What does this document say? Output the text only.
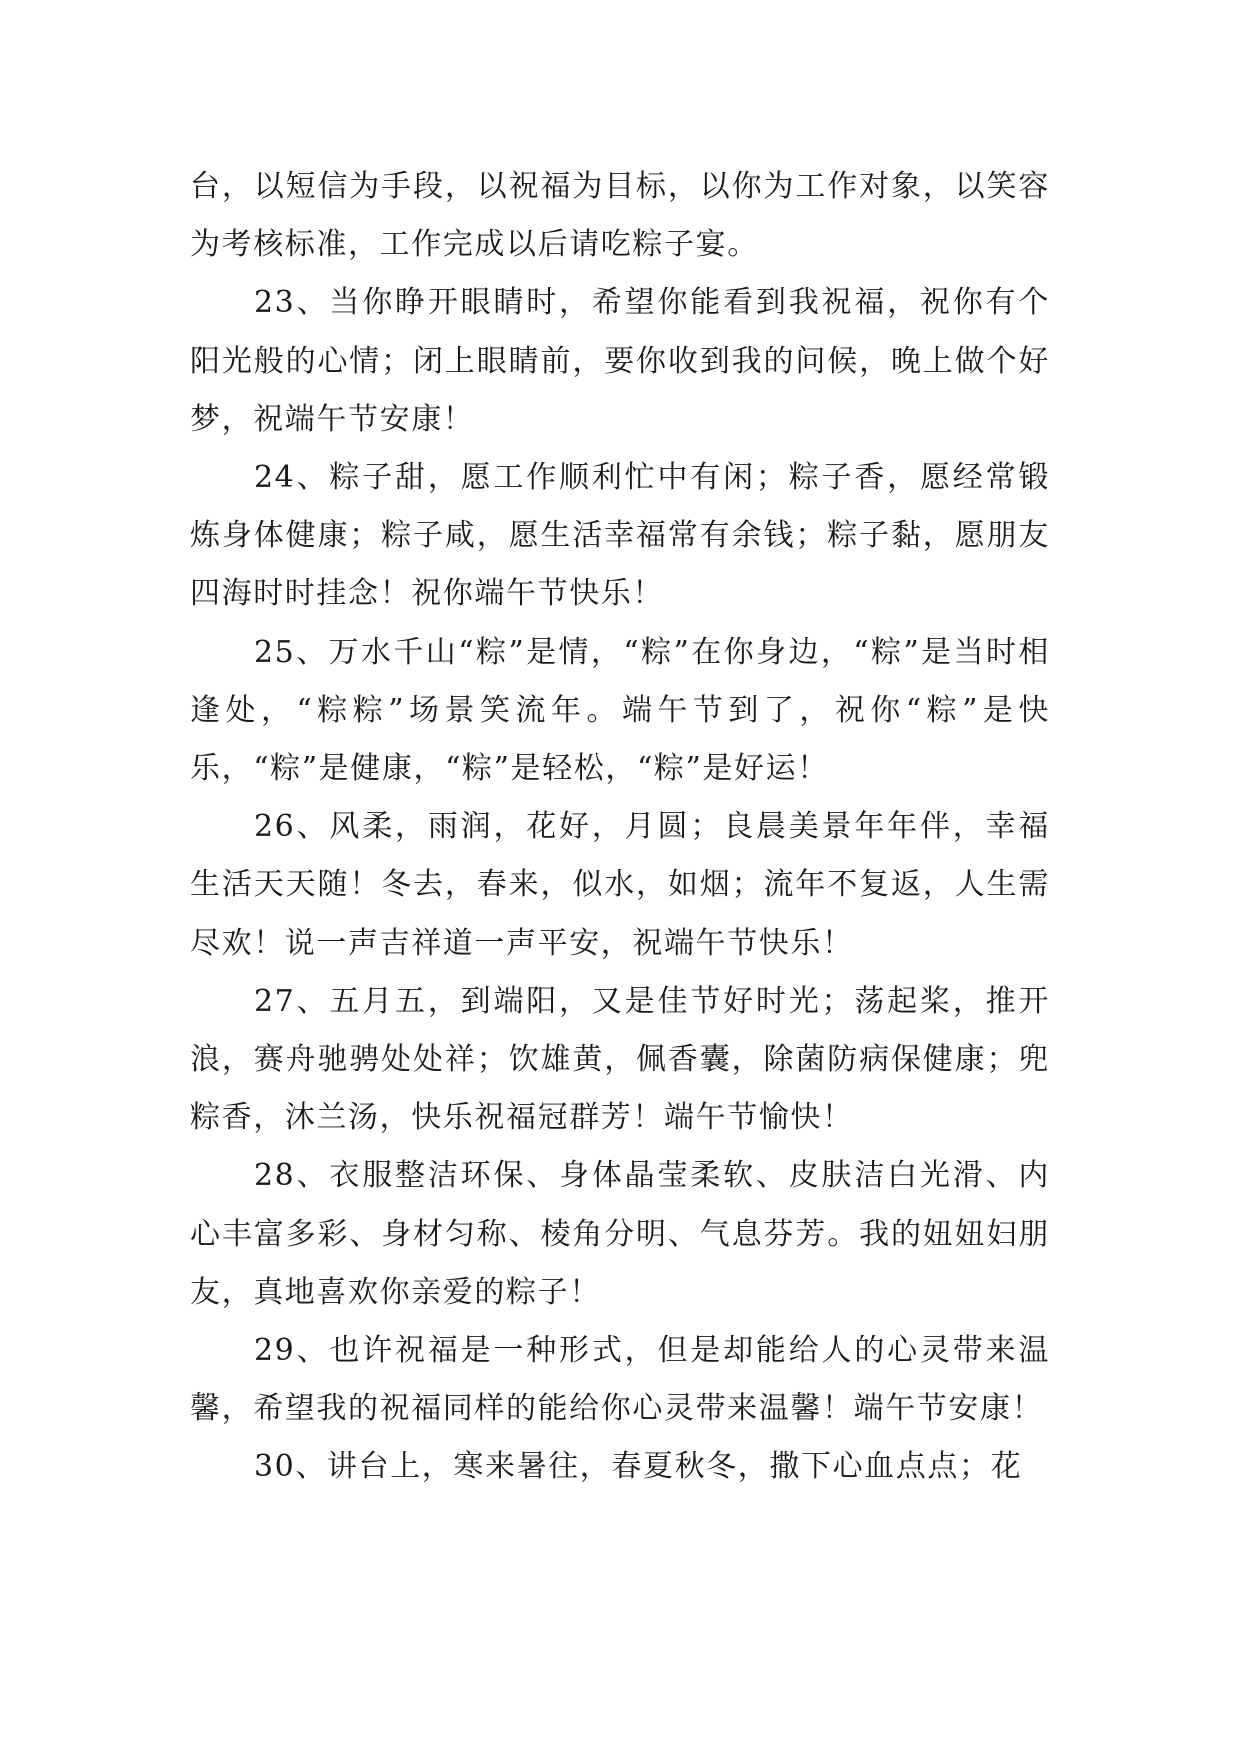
台，以短信为手段，以祝福为目标，以你为工作对象，以笑容为考核标准，工作完成以后请吃粽子宴。

23、当你睁开眼睛时，希望你能看到我祝福，祝你有个阳光般的心情；闭上眼睛前，要你收到我的问候，晚上做个好梦，祝端午节安康！

24、粽子甜，愿工作顺利忙中有闲；粽子香，愿经常锻炼身体健康；粽子咸，愿生活幸福常有余钱；粽子黏，愿朋友四海时时挂念！祝你端午节快乐！

25、万水千山“粽”是情，“粽”在你身边，“粽”是当时相逢处，“粽粽”场景笑流年。端午节到了，祝你“粽”是快乐，“粽”是健康，“粽”是轻松，“粽”是好运！

26、风柔，雨润，花好，月圆；良晨美景年年伴，幸福生活天天随！冬去，春来，似水，如烟；流年不复返，人生需尽欢！说一声吉祥道一声平安，祝端午节快乐！

27、五月五，到端阳，又是佳节好时光；荡起桨，推开浪，赛舟驰骋处处祥；饮雄黄，佩香囊，除菌防病保健康；兜粽香，沐兰汤，快乐祝福冠群芳！端午节愉快！

28、衣服整洁环保、身体晶莹柔软、皮肤洁白光滑、内心丰富多彩、身材匀称、棱角分明、气息芬芳。我的妞妞妇朋友，真地喜欢你亲爱的粽子！

29、也许祝福是一种形式，但是却能给人的心灵带来温馨，希望我的祝福同样的能给你心灵带来温馨！端午节安康！

30、讲台上，寒来暑往，春夏秋冬，撒下心血点点；花
